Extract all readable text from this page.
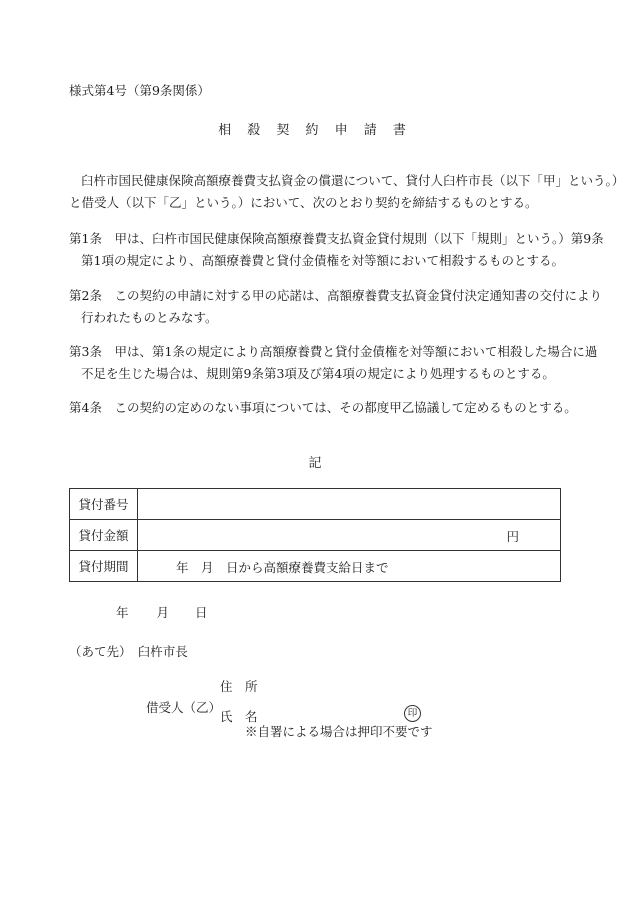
様式第4号（第9条関係）
相 殺 契 約 申 請 書
臼杵市国民健康保険高額療養費支払資金の償還について、貸付人臼杵市長（以下「甲」という。）
と借受人（以下「乙」という。）において、次のとおり契約を締結するものとする。
第1条　甲は、臼杵市国民健康保険高額療養費支払資金貸付規則（以下「規則」という。）第9条
第1項の規定により、高額療養費と貸付金債権を対等額において相殺するものとする。
第2条　この契約の申請に対する甲の応諾は、高額療養費支払資金貸付決定通知書の交付により
行われたものとみなす。
第3条　甲は、第1条の規定により高額療養費と貸付金債権を対等額において相殺した場合に過
不足を生じた場合は、規則第9条第3項及び第4項の規定により処理するものとする。
第4条　この契約の定めのない事項については、その都度甲乙協議して定めるものとする。
記
貸付番号	
貸付金額	円

貸付期間	年　月　日から高額療養費支給日まで
年 月 日
（あて先）　臼杵市長
住　所
借受人（乙）
氏　名	印
※自署による場合は押印不要です
